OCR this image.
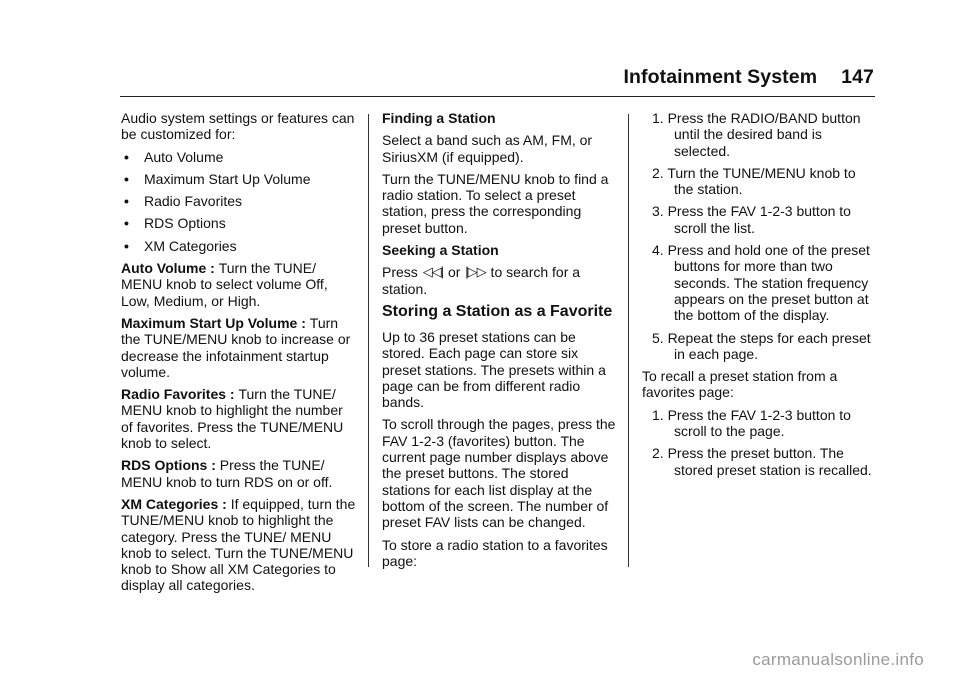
Infotainment System 147

Audio system settings or features can be customized for:

• Auto Volume
• Maximum Start Up Volume
• Radio Favorites
• RDS Options
• XM Categories

Auto Volume : Turn the TUNE/ MENU knob to select volume Off, Low, Medium, or High.

Maximum Start Up Volume : Turn the TUNE/MENU knob to increase or decrease the infotainment startup volume.

Radio Favorites : Turn the TUNE/ MENU knob to highlight the number of favorites. Press the TUNE/MENU knob to select.

RDS Options : Press the TUNE/ MENU knob to turn RDS on or off.

XM Categories : If equipped, turn the TUNE/MENU knob to highlight the category. Press the TUNE/ MENU knob to select. Turn the TUNE/MENU knob to Show all XM Categories to display all categories.

Finding a Station

Select a band such as AM, FM, or SiriusXM (if equipped).

Turn the TUNE/MENU knob to find a radio station. To select a preset station, press the corresponding preset button.

Seeking a Station

Press ◁◁| or |▷▷ to search for a station.

Storing a Station as a Favorite

Up to 36 preset stations can be stored. Each page can store six preset stations. The presets within a page can be from different radio bands.

To scroll through the pages, press the FAV 1-2-3 (favorites) button. The current page number displays above the preset buttons. The stored stations for each list display at the bottom of the screen. The number of preset FAV lists can be changed.

To store a radio station to a favorites page:

1. Press the RADIO/BAND button until the desired band is selected.

2. Turn the TUNE/MENU knob to the station.

3. Press the FAV 1-2-3 button to scroll the list.

4. Press and hold one of the preset buttons for more than two seconds. The station frequency appears on the preset button at the bottom of the display.

5. Repeat the steps for each preset in each page.

To recall a preset station from a favorites page:

1. Press the FAV 1-2-3 button to scroll to the page.

2. Press the preset button. The stored preset station is recalled.

carmanualsonline.info
